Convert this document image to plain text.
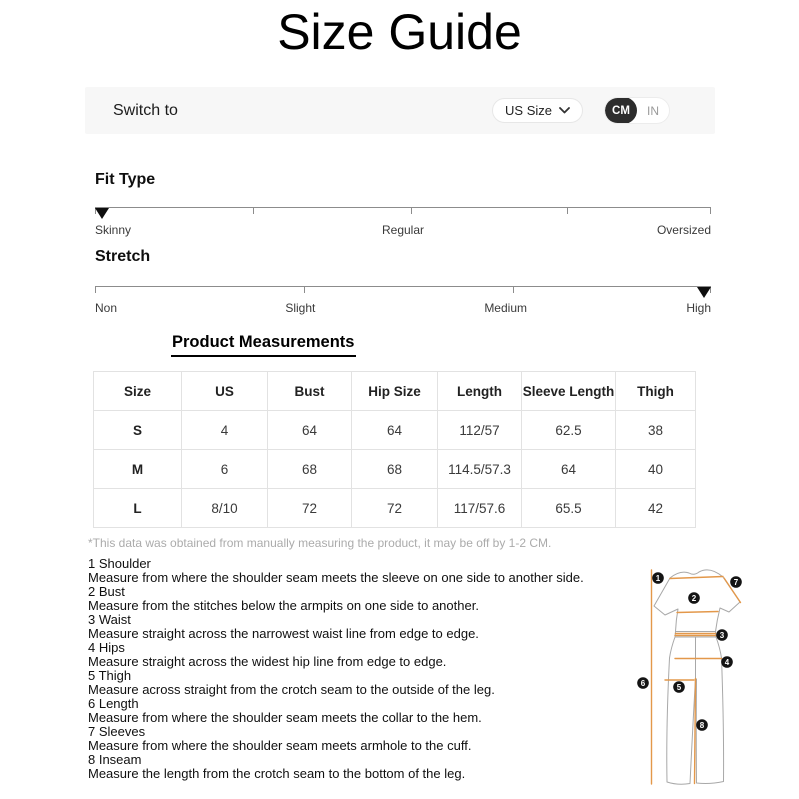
Size Guide
Switch to	US Size	CM	IN
Fit Type
Skinny	Regular	Oversized
Stretch
Non	Slight	Medium	High
Product Measurements
Size	US	Bust	Hip Size	Length	Sleeve Length	Thigh
S	4	64	64	112/57	62.5	38
M	6	68	68	114.5/57.3	64	40
L	8/10	72	72	117/57.6	65.5	42

*This data was obtained from manually measuring the product, it may be off by 1-2 CM.

1 Shoulder
Measure from where the shoulder seam meets the sleeve on one side to another side.
2 Bust
Measure from the stitches below the armpits on one side to another.
3 Waist
Measure straight across the narrowest waist line from edge to edge.
4 Hips
Measure straight across the widest hip line from edge to edge.
5 Thigh
Measure across straight from the crotch seam to the outside of the leg.
6 Length
Measure from where the shoulder seam meets the collar to the hem.
7 Sleeves
Measure from where the shoulder seam meets armhole to the cuff.
8 Inseam
Measure the length from the crotch seam to the bottom of the leg.
1
2
3
4
5
6
7
8
